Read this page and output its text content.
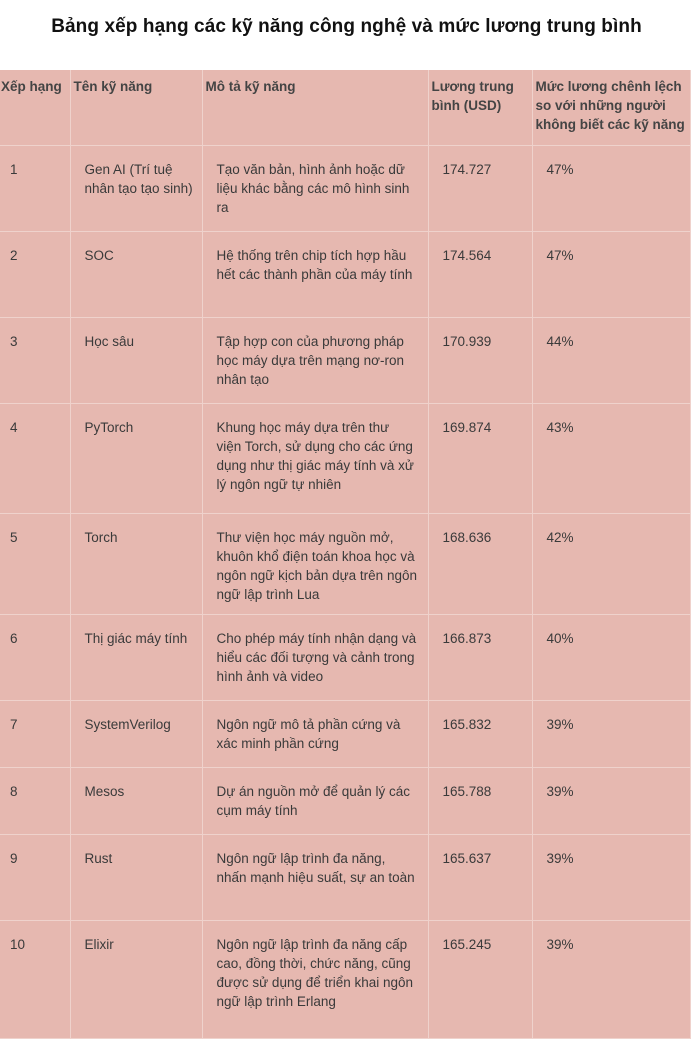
Bảng xếp hạng các kỹ năng công nghệ và mức lương trung bình
Xếp hạng	Tên kỹ năng	Mô tả kỹ năng	Lương trung bình (USD)	Mức lương chênh lệch so với những người không biết các kỹ năng
1	Gen AI (Trí tuệ nhân tạo tạo sinh)	Tạo văn bản, hình ảnh hoặc dữ liệu khác bằng các mô hình sinh ra	174.727	47%
2	SOC	Hệ thống trên chip tích hợp hầu hết các thành phần của máy tính	174.564	47%
3	Học sâu	Tập hợp con của phương pháp học máy dựa trên mạng nơ-ron nhân tạo	170.939	44%
4	PyTorch	Khung học máy dựa trên thư viện Torch, sử dụng cho các ứng dụng như thị giác máy tính và xử lý ngôn ngữ tự nhiên	169.874	43%
5	Torch	Thư viện học máy nguồn mở, khuôn khổ điện toán khoa học và ngôn ngữ kịch bản dựa trên ngôn ngữ lập trình Lua	168.636	42%
6	Thị giác máy tính	Cho phép máy tính nhận dạng và hiểu các đối tượng và cảnh trong hình ảnh và video	166.873	40%
7	SystemVerilog	Ngôn ngữ mô tả phần cứng và xác minh phần cứng	165.832	39%
8	Mesos	Dự án nguồn mở để quản lý các cụm máy tính	165.788	39%
9	Rust	Ngôn ngữ lập trình đa năng, nhấn mạnh hiệu suất, sự an toàn	165.637	39%
10	Elixir	Ngôn ngữ lập trình đa năng cấp cao, đồng thời, chức năng, cũng được sử dụng để triển khai ngôn ngữ lập trình Erlang	165.245	39%
